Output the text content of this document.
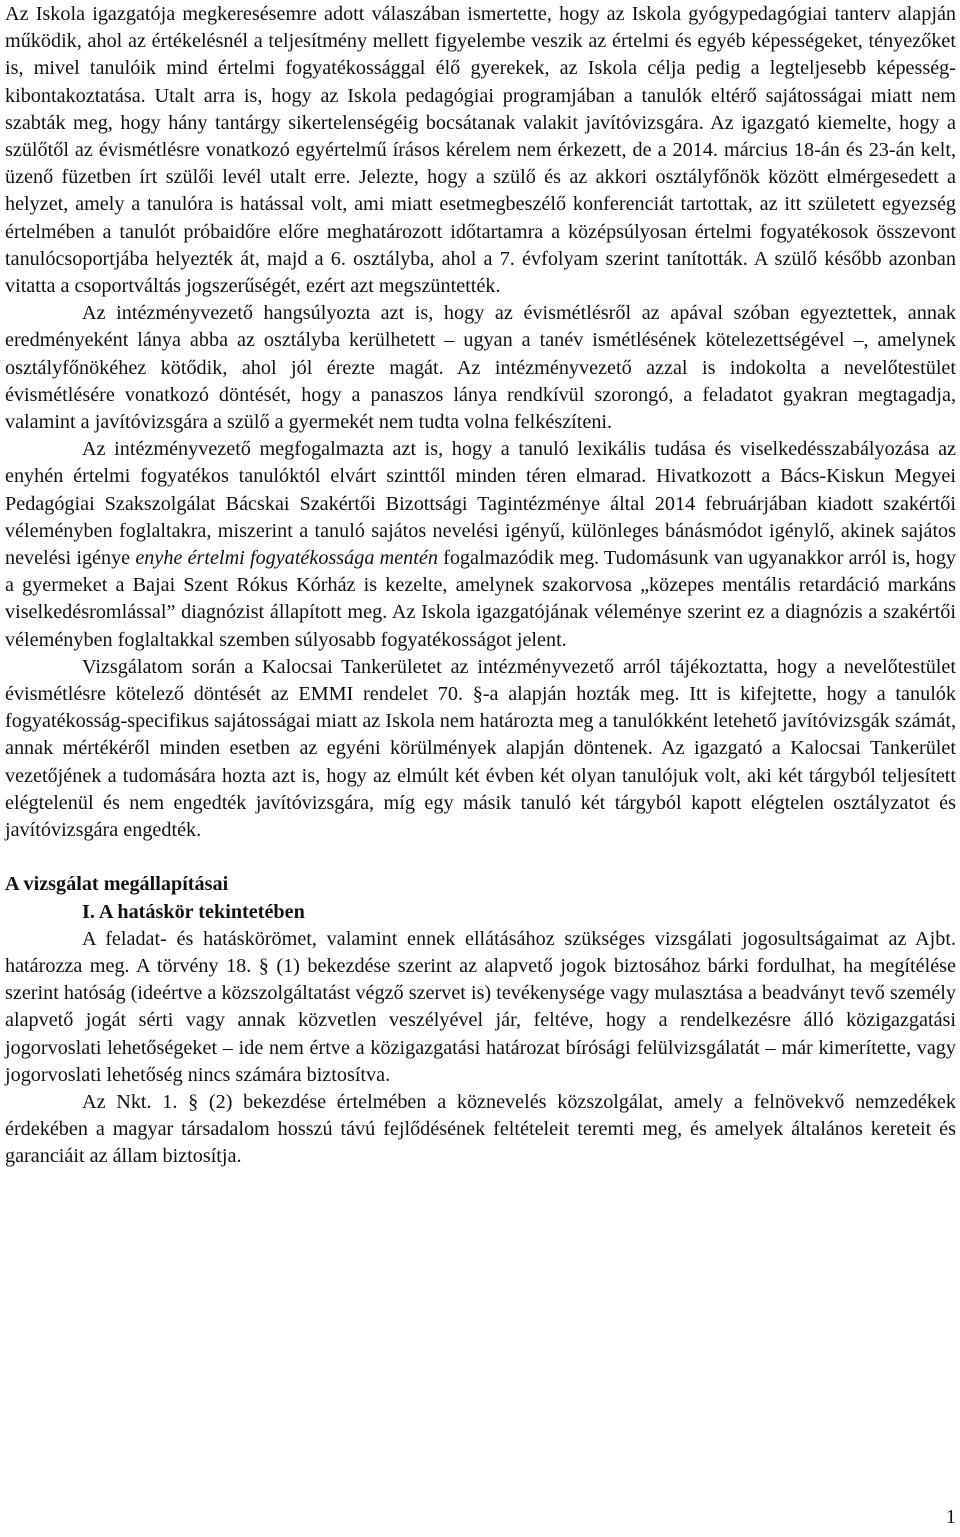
Az Iskola igazgatója megkeresésemre adott válaszában ismertette, hogy az Iskola gyógypedagógiai tanterv alapján működik, ahol az értékelésnél a teljesítmény mellett figyelembe veszik az értelmi és egyéb képességeket, tényezőket is, mivel tanulóik mind értelmi fogyatékossággal élő gyerekek, az Iskola célja pedig a legteljesebb képesség-kibontakoztatása. Utalt arra is, hogy az Iskola pedagógiai programjában a tanulók eltérő sajátosságai miatt nem szabták meg, hogy hány tantárgy sikertelenségéig bocsátanak valakit javítóvizsgára. Az igazgató kiemelte, hogy a szülőtől az évismétlésre vonatkozó egyértelmű írásos kérelem nem érkezett, de a 2014. március 18-án és 23-án kelt, üzenő füzetben írt szülői levél utalt erre. Jelezte, hogy a szülő és az akkori osztályfőnök között elmérgesedett a helyzet, amely a tanulóra is hatással volt, ami miatt esetmegbeszélő konferenciát tartottak, az itt született egyezség értelmében a tanulót próbaidőre előre meghatározott időtartamra a középsúlyosan értelmi fogyatékosok összevont tanulócsoportjába helyezték át, majd a 6. osztályba, ahol a 7. évfolyam szerint tanították. A szülő később azonban vitatta a csoportváltás jogszerűségét, ezért azt megszüntették.

Az intézményvezető hangsúlyozta azt is, hogy az évismétlésről az apával szóban egyeztettek, annak eredményeként lánya abba az osztályba kerülhetett – ugyan a tanév ismétlésének kötelezettségével –, amelynek osztályfőnökéhez kötődik, ahol jól érezte magát. Az intézményvezető azzal is indokolta a nevelőtestület évismétlésére vonatkozó döntését, hogy a panaszos lánya rendkívül szorongó, a feladatot gyakran megtagadja, valamint a javítóvizsgára a szülő a gyermekét nem tudta volna felkészíteni.

Az intézményvezető megfogalmazta azt is, hogy a tanuló lexikális tudása és viselkedésszabályozása az enyhén értelmi fogyatékos tanulóktól elvárt szinttől minden téren elmarad. Hivatkozott a Bács-Kiskun Megyei Pedagógiai Szakszolgálat Bácskai Szakértői Bizottsági Tagintézménye által 2014 februárjában kiadott szakértői véleményben foglaltakra, miszerint a tanuló sajátos nevelési igényű, különleges bánásmódot igénylő, akinek sajátos nevelési igénye enyhe értelmi fogyatékossága mentén fogalmazódik meg. Tudomásunk van ugyanakkor arról is, hogy a gyermeket a Bajai Szent Rókus Kórház is kezelte, amelynek szakorvosa „közepes mentális retardáció markáns viselkedésromlással” diagnózist állapított meg. Az Iskola igazgatójának véleménye szerint ez a diagnózis a szakértői véleményben foglaltakkal szemben súlyosabb fogyatékosságot jelent.

Vizsgálatom során a Kalocsai Tankerületet az intézményvezető arról tájékoztatta, hogy a nevelőtestület évismétlésre kötelező döntését az EMMI rendelet 70. §-a alapján hozták meg. Itt is kifejtette, hogy a tanulók fogyatékosság-specifikus sajátosságai miatt az Iskola nem határozta meg a tanulókként letehető javítóvizsgák számát, annak mértékéről minden esetben az egyéni körülmények alapján döntenek. Az igazgató a Kalocsai Tankerület vezetőjének a tudomására hozta azt is, hogy az elmúlt két évben két olyan tanulójuk volt, aki két tárgyból teljesített elégtelenül és nem engedték javítóvizsgára, míg egy másik tanuló két tárgyból kapott elégtelen osztályzatot és javítóvizsgára engedték.

A vizsgálat megállapításai
I. A hatáskör tekintetében

A feladat- és hatáskörömet, valamint ennek ellátásához szükséges vizsgálati jogosultságaimat az Ajbt. határozza meg. A törvény 18. § (1) bekezdése szerint az alapvető jogok biztosához bárki fordulhat, ha megítélése szerint hatóság (ideértve a közszolgáltatást végző szervet is) tevékenysége vagy mulasztása a beadványt tevő személy alapvető jogát sérti vagy annak közvetlen veszélyével jár, feltéve, hogy a rendelkezésre álló közigazgatási jogorvoslati lehetőségeket – ide nem értve a közigazgatási határozat bírósági felülvizsgálatát – már kimerítette, vagy jogorvoslati lehetőség nincs számára biztosítva.

Az Nkt. 1. § (2) bekezdése értelmében a köznevelés közszolgálat, amely a felnövekvő nemzedékek érdekében a magyar társadalom hosszú távú fejlődésének feltételeit teremti meg, és amelyek általános kereteit és garanciáit az állam biztosítja.

1
